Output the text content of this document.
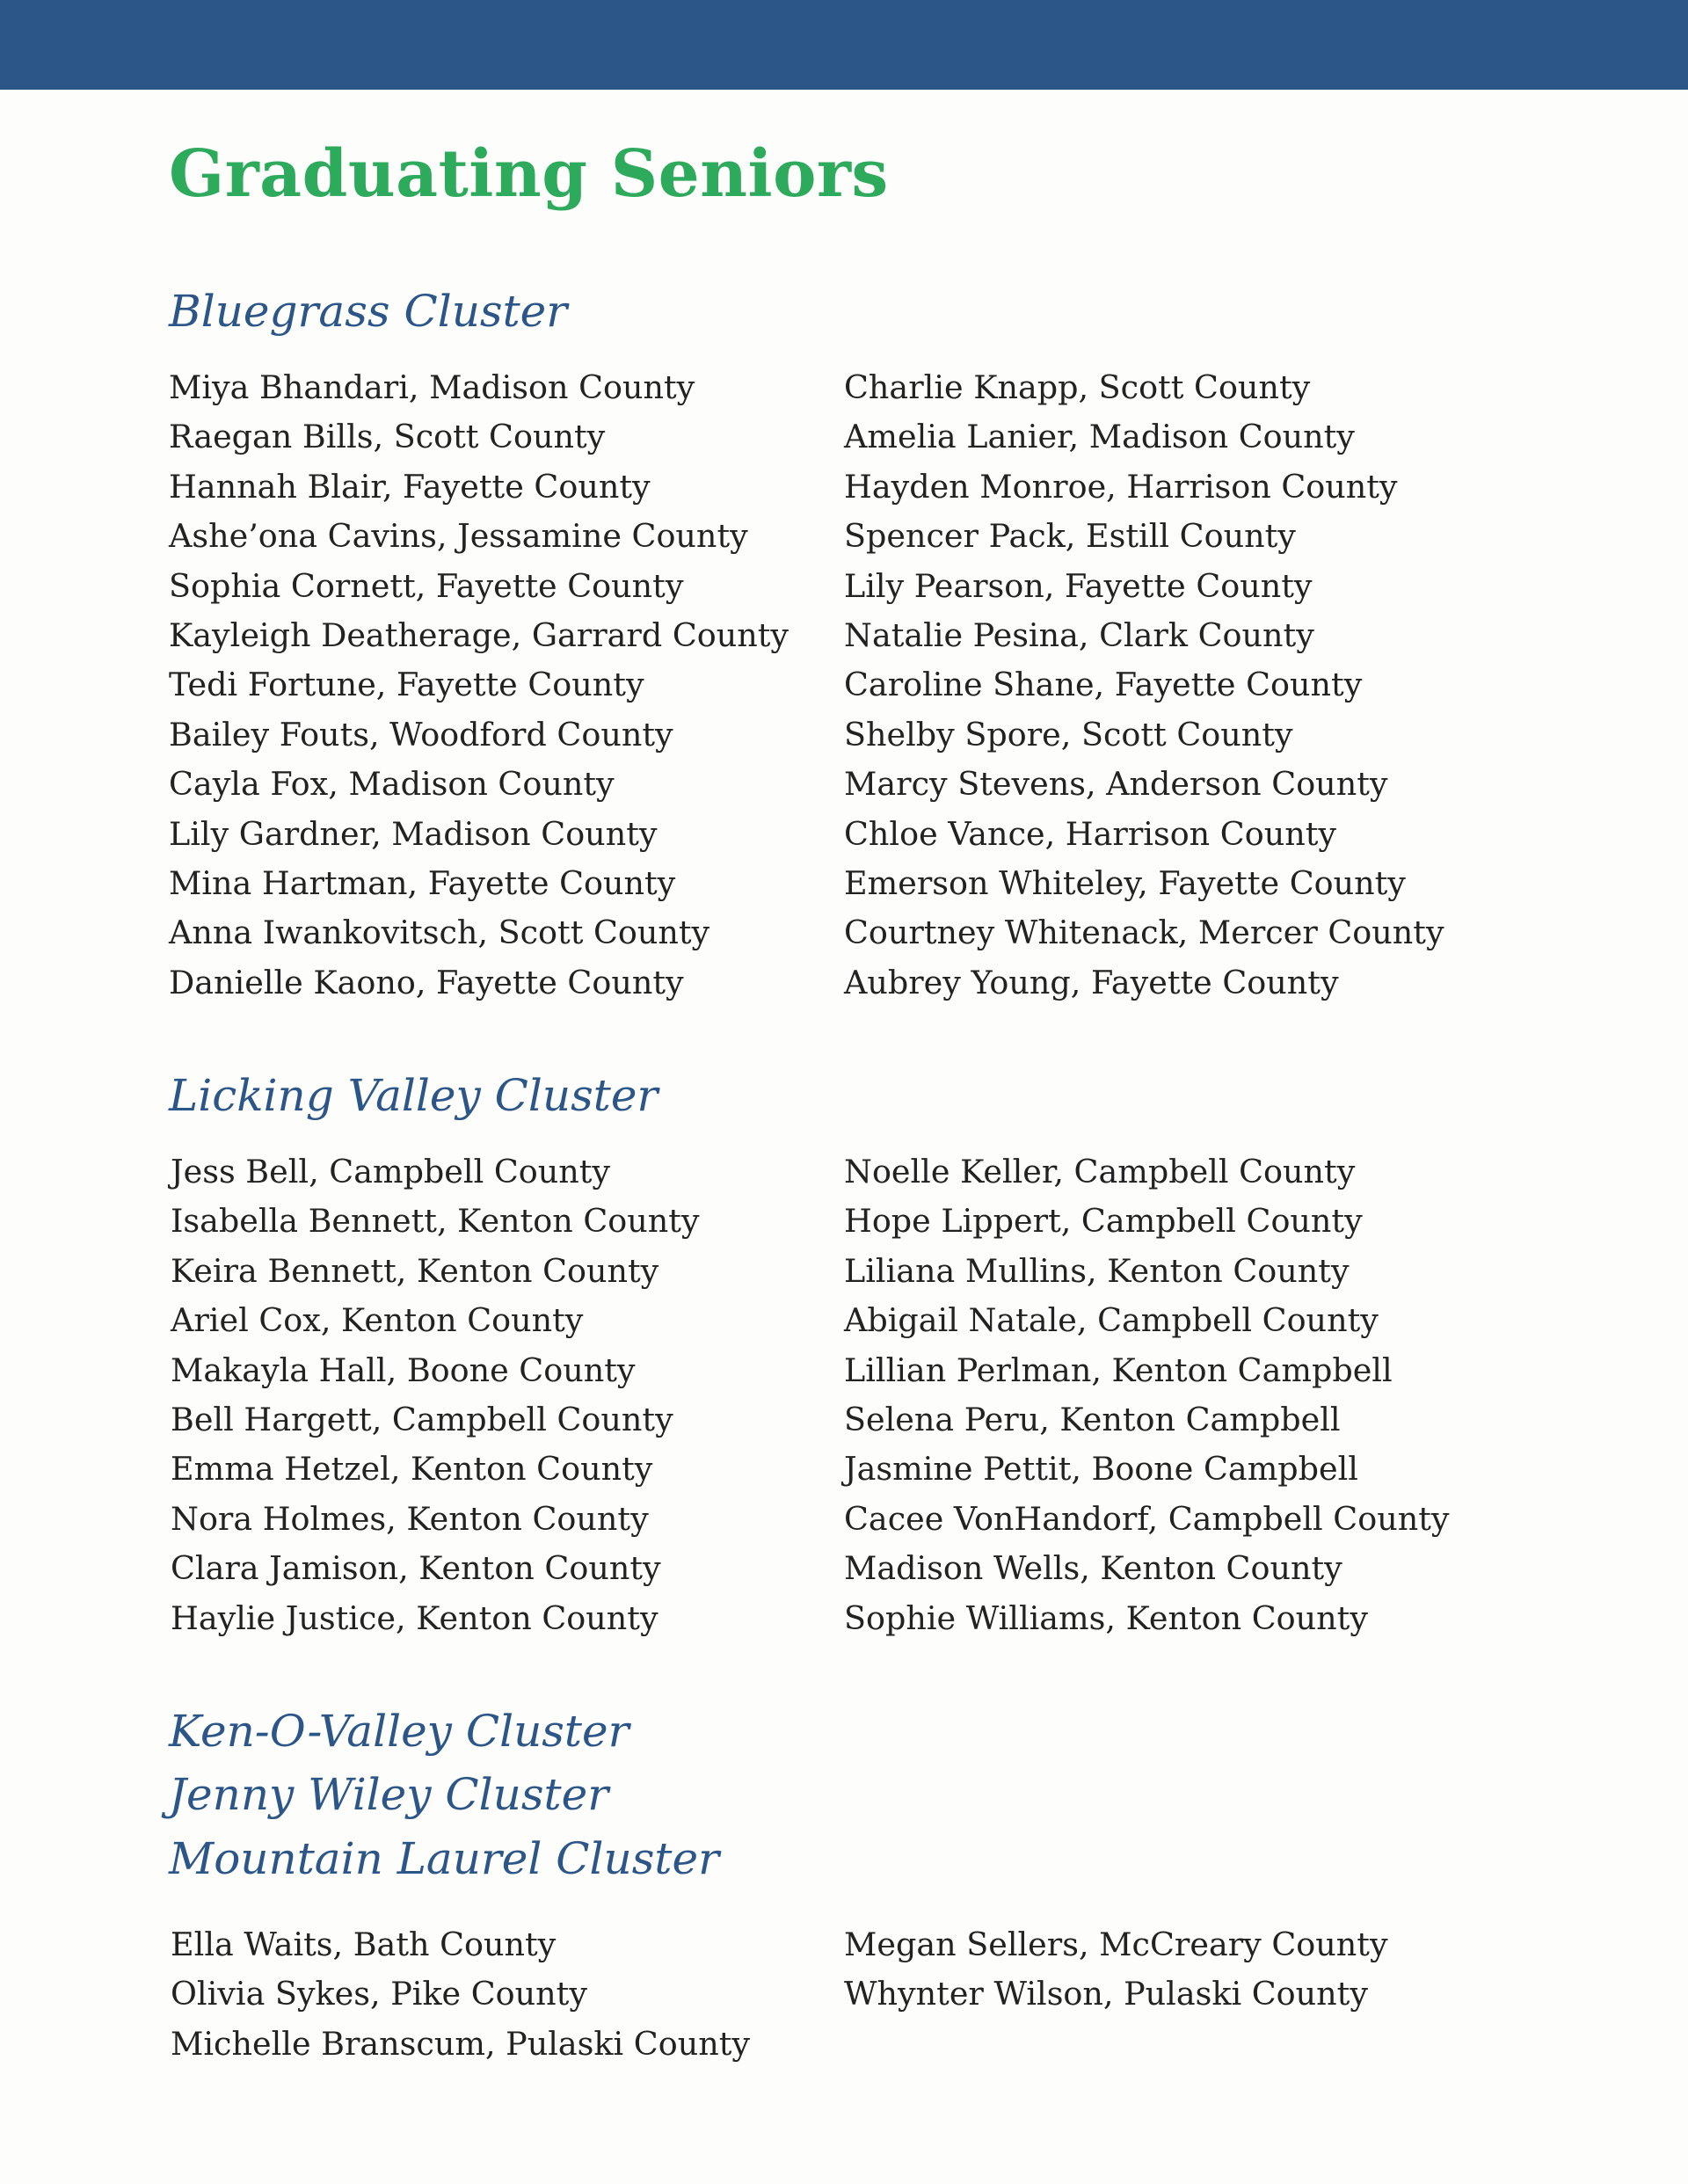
Graduating Seniors
Bluegrass Cluster
Miya Bhandari, Madison County
Raegan Bills, Scott County
Hannah Blair, Fayette County
Ashe’ona Cavins, Jessamine County
Sophia Cornett, Fayette County
Kayleigh Deatherage, Garrard County
Tedi Fortune, Fayette County
Bailey Fouts, Woodford County
Cayla Fox, Madison County
Lily Gardner, Madison County
Mina Hartman, Fayette County
Anna Iwankovitsch, Scott County
Danielle Kaono, Fayette County
Charlie Knapp, Scott County
Amelia Lanier, Madison County
Hayden Monroe, Harrison County
Spencer Pack, Estill County
Lily Pearson, Fayette County
Natalie Pesina, Clark County
Caroline Shane, Fayette County
Shelby Spore, Scott County
Marcy Stevens, Anderson County
Chloe Vance, Harrison County
Emerson Whiteley, Fayette County
Courtney Whitenack, Mercer County
Aubrey Young, Fayette County
Licking Valley Cluster
Jess Bell, Campbell County
Isabella Bennett, Kenton County
Keira Bennett, Kenton County
Ariel Cox, Kenton County
Makayla Hall, Boone County
Bell Hargett, Campbell County
Emma Hetzel, Kenton County
Nora Holmes, Kenton County
Clara Jamison, Kenton County
Haylie Justice, Kenton County
Noelle Keller, Campbell County
Hope Lippert, Campbell County
Liliana Mullins, Kenton County
Abigail Natale, Campbell County
Lillian Perlman, Kenton Campbell
Selena Peru, Kenton Campbell
Jasmine Pettit, Boone Campbell
Cacee VonHandorf, Campbell County
Madison Wells, Kenton County
Sophie Williams, Kenton County
Ken-O-Valley Cluster
Jenny Wiley Cluster
Mountain Laurel Cluster
Ella Waits, Bath County
Olivia Sykes, Pike County
Michelle Branscum, Pulaski County
Megan Sellers, McCreary County
Whynter Wilson, Pulaski County
